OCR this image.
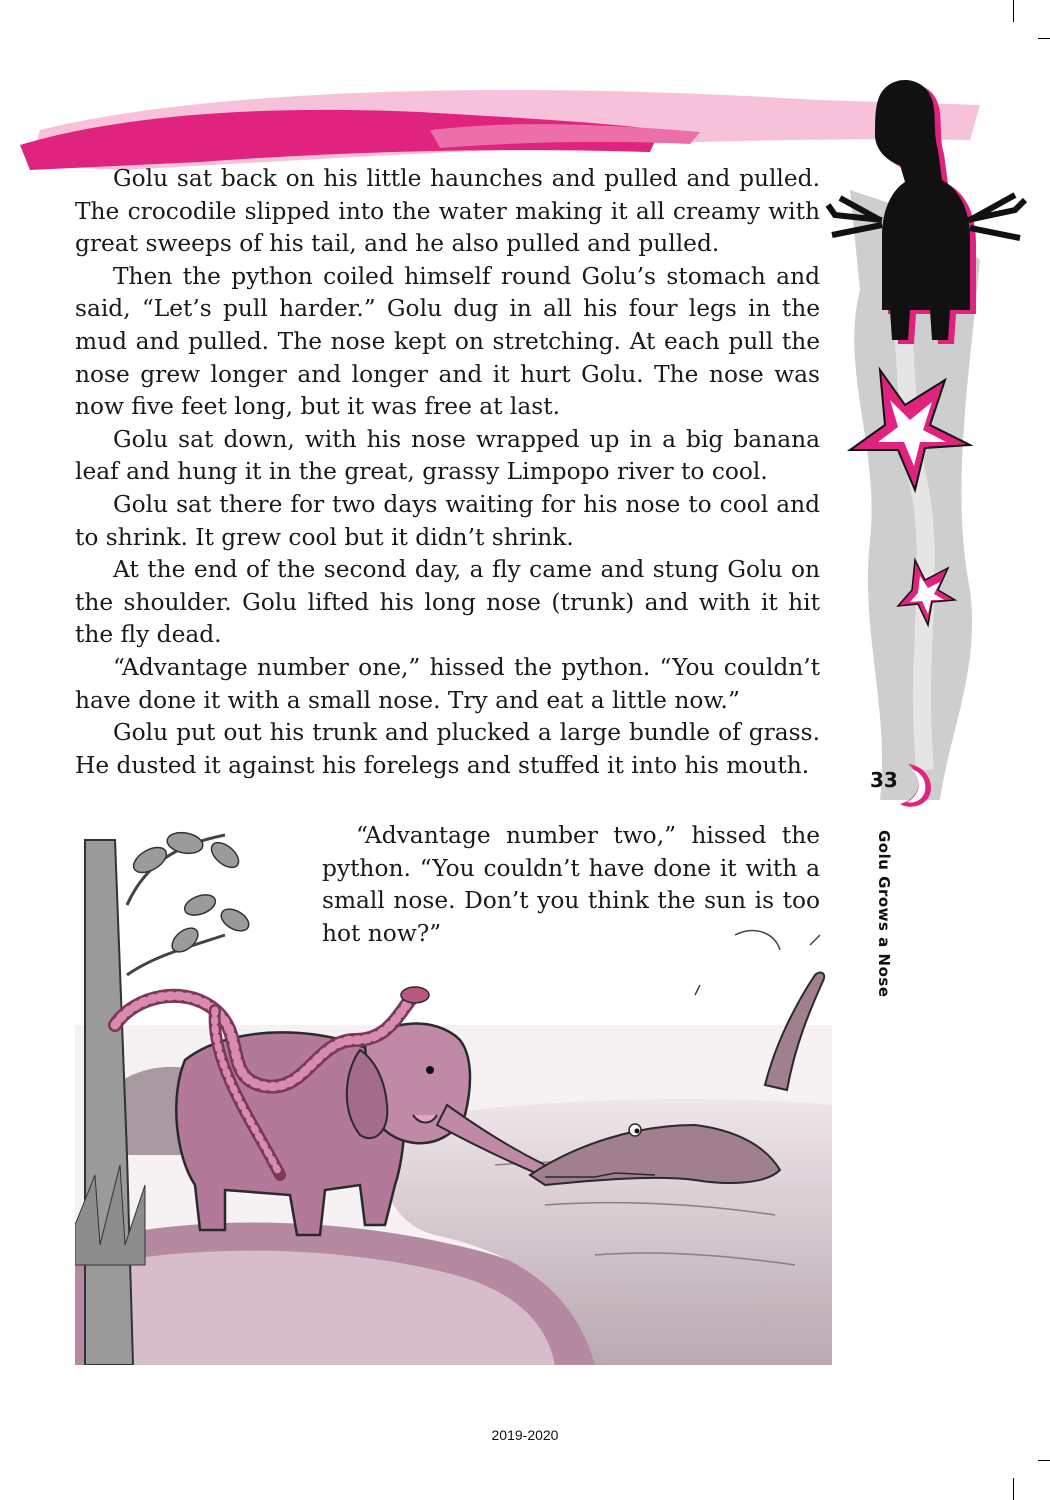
Golu sat back on his little haunches and pulled and pulled. The crocodile slipped into the water making it all creamy with great sweeps of his tail, and he also pulled and pulled.

Then the python coiled himself round Golu’s stomach and said, “Let’s pull harder.” Golu dug in all his four legs in the mud and pulled. The nose kept on stretching. At each pull the nose grew longer and longer and it hurt Golu. The nose was now five feet long, but it was free at last.

Golu sat down, with his nose wrapped up in a big banana leaf and hung it in the great, grassy Limpopo river to cool.

Golu sat there for two days waiting for his nose to cool and to shrink. It grew cool but it didn’t shrink.

At the end of the second day, a fly came and stung Golu on the shoulder. Golu lifted his long nose (trunk) and with it hit the fly dead.

“Advantage number one,” hissed the python. “You couldn’t have done it with a small nose. Try and eat a little now.”

Golu put out his trunk and plucked a large bundle of grass. He dusted it against his forelegs and stuffed it into his mouth.

“Advantage number two,” hissed the python. “You couldn’t have done it with a small nose. Don’t you think the sun is too hot now?”

33
Golu Grows a Nose
2019-2020
